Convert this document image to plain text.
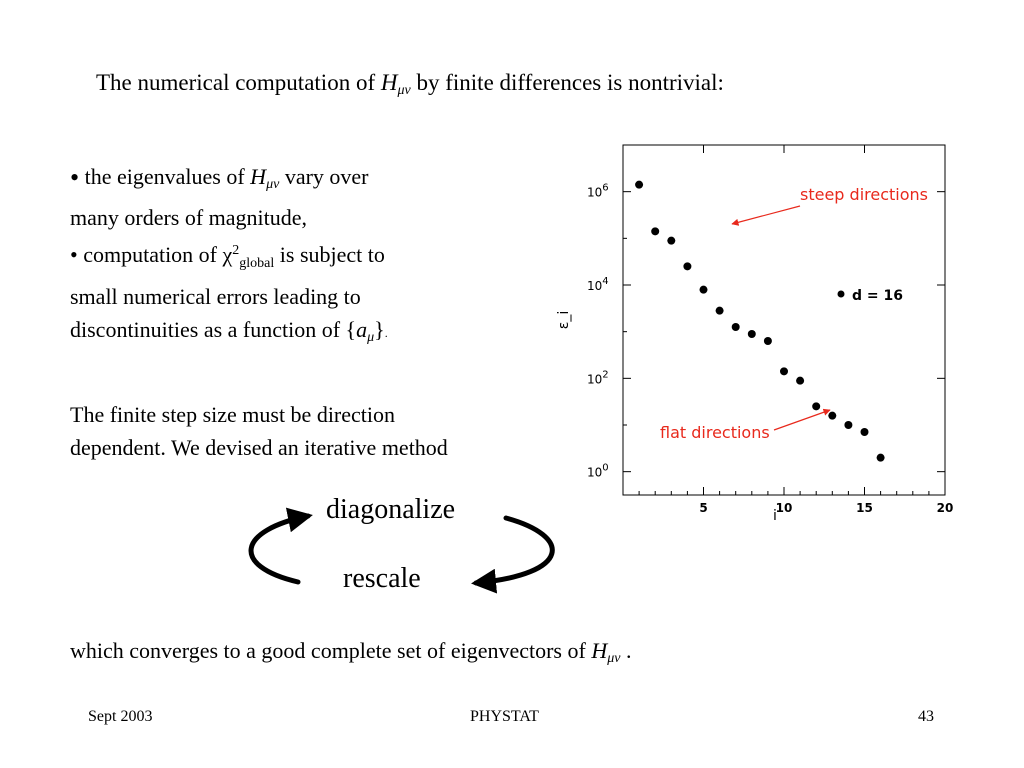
The numerical computation of $H_{\mu\nu}$ by finite differences is nontrivial:
• the eigenvalues of $H_{\mu\nu}$ vary over
many orders of magnitude,
• computation of $\chi^2_{global}$ is subject to
small numerical errors leading to
discontinuities as a function of $\{a_\mu\}$.
The finite step size must be direction
dependent. We devised an iterative method
diagonalize
rescale
which converges to a good complete set of eigenvectors of $H_{\mu\nu}$ .
5	10	15	20
$10^0$
$10^2$
$10^4$
$10^6$
i
ε_i
d = 16
steep directions
flat directions
Sept 2003	PHYSTAT	43
